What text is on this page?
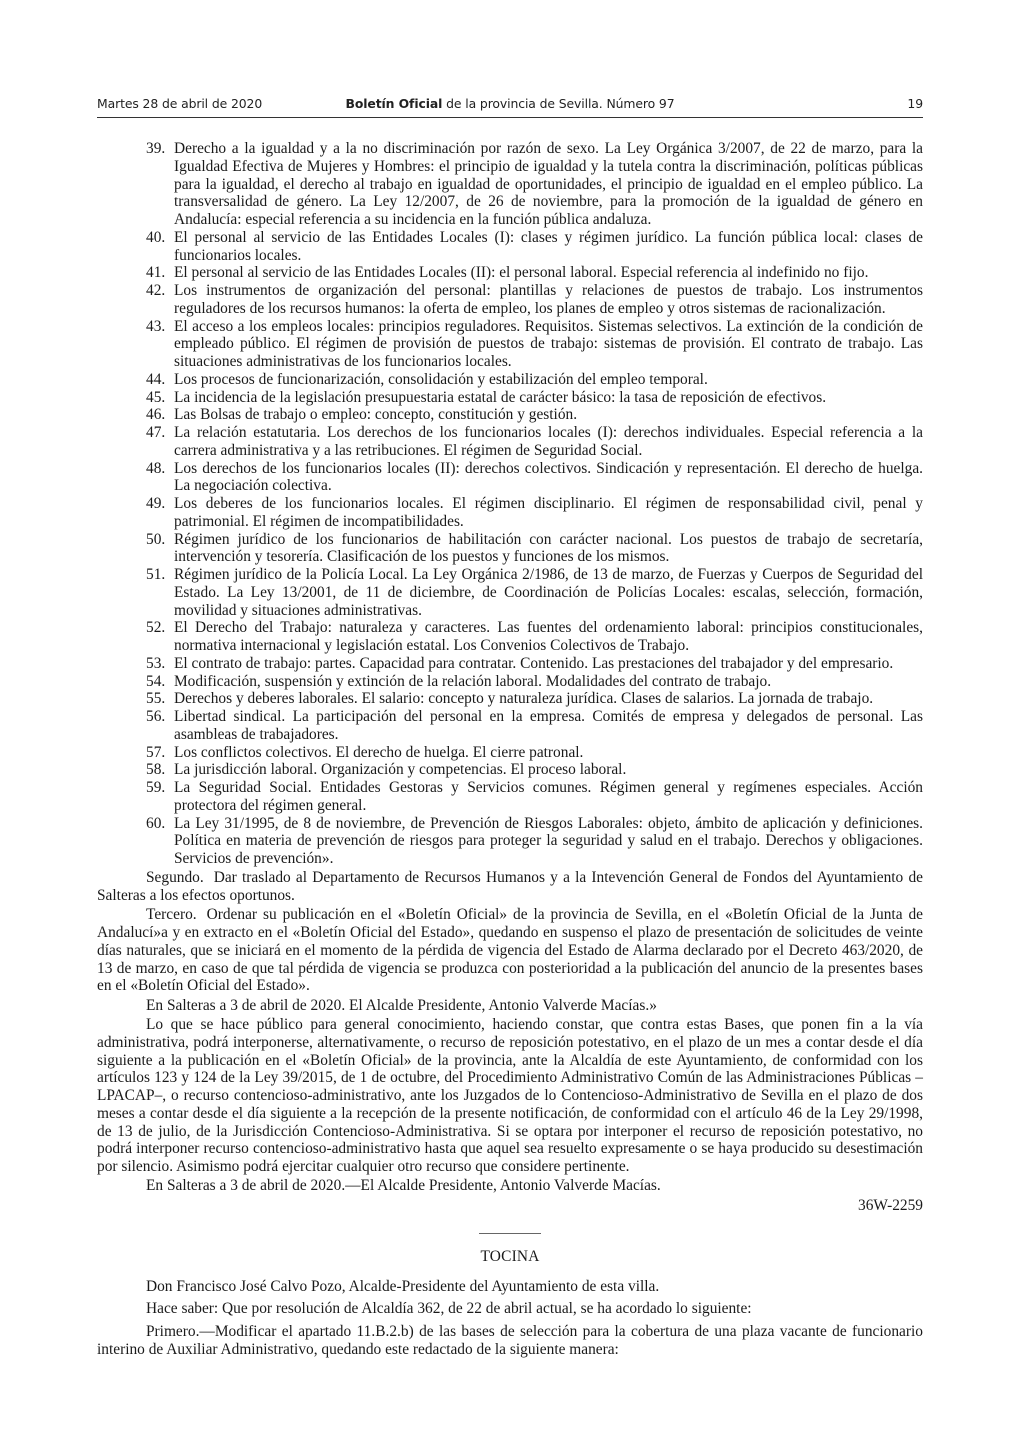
Martes 28 de abril de 2020	Boletín Oficial de la provincia de Sevilla. Número 97	19

39. Derecho a la igualdad y a la no discriminación por razón de sexo. La Ley Orgánica 3/2007, de 22 de marzo, para la Igualdad Efectiva de Mujeres y Hombres: el principio de igualdad y la tutela contra la discriminación, políticas públicas para la igualdad, el derecho al trabajo en igualdad de oportunidades, el principio de igualdad en el empleo público. La transversalidad de género. La Ley 12/2007, de 26 de noviembre, para la promoción de la igualdad de género en Andalucía: especial referencia a su incidencia en la función pública andaluza.

40. El personal al servicio de las Entidades Locales (I): clases y régimen jurídico. La función pública local: clases de funcionarios locales.

41. El personal al servicio de las Entidades Locales (II): el personal laboral. Especial referencia al indefinido no fijo.

42. Los instrumentos de organización del personal: plantillas y relaciones de puestos de trabajo. Los instrumentos reguladores de los recursos humanos: la oferta de empleo, los planes de empleo y otros sistemas de racionalización.

43. El acceso a los empleos locales: principios reguladores. Requisitos. Sistemas selectivos. La extinción de la condición de empleado público. El régimen de provisión de puestos de trabajo: sistemas de provisión. El contrato de trabajo. Las situaciones administrativas de los funcionarios locales.

44. Los procesos de funcionarización, consolidación y estabilización del empleo temporal.

45. La incidencia de la legislación presupuestaria estatal de carácter básico: la tasa de reposición de efectivos.

46. Las Bolsas de trabajo o empleo: concepto, constitución y gestión.

47. La relación estatutaria. Los derechos de los funcionarios locales (I): derechos individuales. Especial referencia a la carrera administrativa y a las retribuciones. El régimen de Seguridad Social.

48. Los derechos de los funcionarios locales (II): derechos colectivos. Sindicación y representación. El derecho de huelga. La negociación colectiva.

49. Los deberes de los funcionarios locales. El régimen disciplinario. El régimen de responsabilidad civil, penal y patrimonial. El régimen de incompatibilidades.

50. Régimen jurídico de los funcionarios de habilitación con carácter nacional. Los puestos de trabajo de secretaría, intervención y tesorería. Clasificación de los puestos y funciones de los mismos.

51. Régimen jurídico de la Policía Local. La Ley Orgánica 2/1986, de 13 de marzo, de Fuerzas y Cuerpos de Seguridad del Estado. La Ley 13/2001, de 11 de diciembre, de Coordinación de Policías Locales: escalas, selección, formación, movilidad y situaciones administrativas.

52. El Derecho del Trabajo: naturaleza y caracteres. Las fuentes del ordenamiento laboral: principios constitucionales, normativa internacional y legislación estatal. Los Convenios Colectivos de Trabajo.

53. El contrato de trabajo: partes. Capacidad para contratar. Contenido. Las prestaciones del trabajador y del empresario.

54. Modificación, suspensión y extinción de la relación laboral. Modalidades del contrato de trabajo.

55. Derechos y deberes laborales. El salario: concepto y naturaleza jurídica. Clases de salarios. La jornada de trabajo.

56. Libertad sindical. La participación del personal en la empresa. Comités de empresa y delegados de personal. Las asambleas de trabajadores.

57. Los conflictos colectivos. El derecho de huelga. El cierre patronal.

58. La jurisdicción laboral. Organización y competencias. El proceso laboral.

59. La Seguridad Social. Entidades Gestoras y Servicios comunes. Régimen general y regímenes especiales. Acción protectora del régimen general.

60. La Ley 31/1995, de 8 de noviembre, de Prevención de Riesgos Laborales: objeto, ámbito de aplicación y definiciones. Política en materia de prevención de riesgos para proteger la seguridad y salud en el trabajo. Derechos y obligaciones. Servicios de prevención».

Segundo. Dar traslado al Departamento de Recursos Humanos y a la Intevención General de Fondos del Ayuntamiento de Salteras a los efectos oportunos.

Tercero. Ordenar su publicación en el «Boletín Oficial» de la provincia de Sevilla, en el «Boletín Oficial de la Junta de Andalucí»a y en extracto en el «Boletín Oficial del Estado», quedando en suspenso el plazo de presentación de solicitudes de veinte días naturales, que se iniciará en el momento de la pérdida de vigencia del Estado de Alarma declarado por el Decreto 463/2020, de 13 de marzo, en caso de que tal pérdida de vigencia se produzca con posterioridad a la publicación del anuncio de la presentes bases en el «Boletín Oficial del Estado».

En Salteras a 3 de abril de 2020. El Alcalde Presidente, Antonio Valverde Macías.»

Lo que se hace público para general conocimiento, haciendo constar, que contra estas Bases, que ponen fin a la vía administrativa, podrá interponerse, alternativamente, o recurso de reposición potestativo, en el plazo de un mes a contar desde el día siguiente a la publicación en el «Boletín Oficial» de la provincia, ante la Alcaldía de este Ayuntamiento, de conformidad con los artículos 123 y 124 de la Ley 39/2015, de 1 de octubre, del Procedimiento Administrativo Común de las Administraciones Públicas –LPACAP–, o recurso contencioso-administrativo, ante los Juzgados de lo Contencioso-Administrativo de Sevilla en el plazo de dos meses a contar desde el día siguiente a la recepción de la presente notificación, de conformidad con el artículo 46 de la Ley 29/1998, de 13 de julio, de la Jurisdicción Contencioso-Administrativa. Si se optara por interponer el recurso de reposición potestativo, no podrá interponer recurso contencioso-administrativo hasta que aquel sea resuelto expresamente o se haya producido su desestimación por silencio. Asimismo podrá ejercitar cualquier otro recurso que considere pertinente.

En Salteras a 3 de abril de 2020.—El Alcalde Presidente, Antonio Valverde Macías.

36W-2259

TOCINA

Don Francisco José Calvo Pozo, Alcalde-Presidente del Ayuntamiento de esta villa.

Hace saber: Que por resolución de Alcaldía 362, de 22 de abril actual, se ha acordado lo siguiente:

Primero.—Modificar el apartado 11.B.2.b) de las bases de selección para la cobertura de una plaza vacante de funcionario interino de Auxiliar Administrativo, quedando este redactado de la siguiente manera:
